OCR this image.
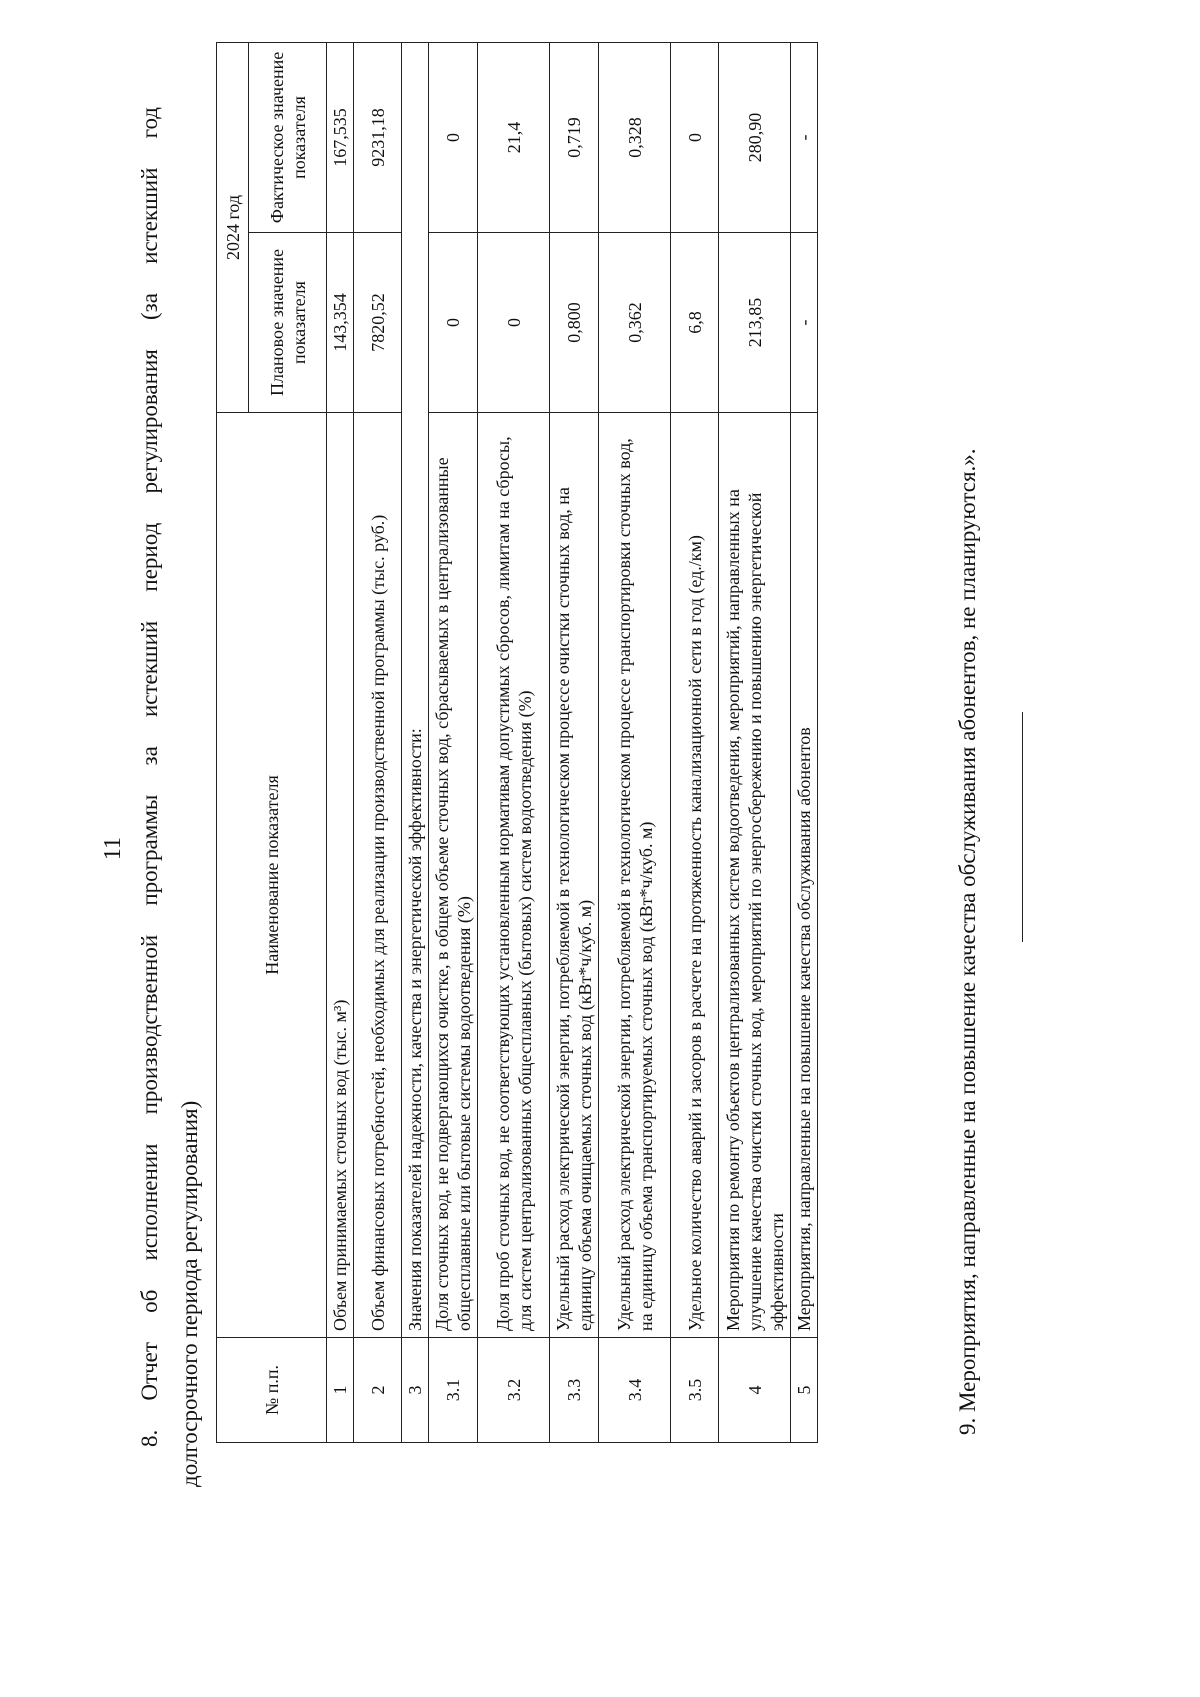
11 8. Отчет об исполнении производственной программы за истекший период регулирования (за истекший год долгосрочного периода регулирования)	№ п.п.	Наименование показателя	2024 год	
		Плановое значение показателя	Фактическое значение показателя
1	Объем принимаемых сточных вод (тыс. м³)	143,354	167,535
2	Объем финансовых потребностей, необходимых для реализации производственной программы (тыс. руб.)	7820,52	9231,18
3	Значения показателей надежности, качества и энергетической эффективности:		
3.1	Доля сточных вод, не подвергающихся очистке, в общем объеме сточных вод, сбрасываемых в централизованные общесплавные или бытовые системы водоотведения (%)	0	0
3.2	Доля проб сточных вод, не соответствующих установленным нормативам допустимых сбросов, лимитам на сбросы, для систем централизованных общесплавных (бытовых) систем водоотведения (%)	0	21,4
3.3	Удельный расход электрической энергии, потребляемой в технологическом процессе очистки сточных вод, на единицу объема очищаемых сточных вод (кВт*ч/куб. м)	0,800	0,719
3.4	Удельный расход электрической энергии, потребляемой в технологическом процессе транспортировки сточных вод, на единицу объема транспортируемых сточных вод (кВт*ч/куб. м)	0,362	0,328
3.5	Удельное количество аварий и засоров в расчете на протяженность канализационной сети в год (ед./км)	6,8	0
4	Мероприятия по ремонту объектов централизованных систем водоотведения, мероприятий, направленных на улучшение качества очистки сточных вод, мероприятий по энергосбережению и повышению энергетической эффективности	213,85	280,90
5	Мероприятия, направленные на повышение качества обслуживания абонентов	-	-
9. Мероприятия, направленные на повышение качества обслуживания абонентов, не планируются.».
